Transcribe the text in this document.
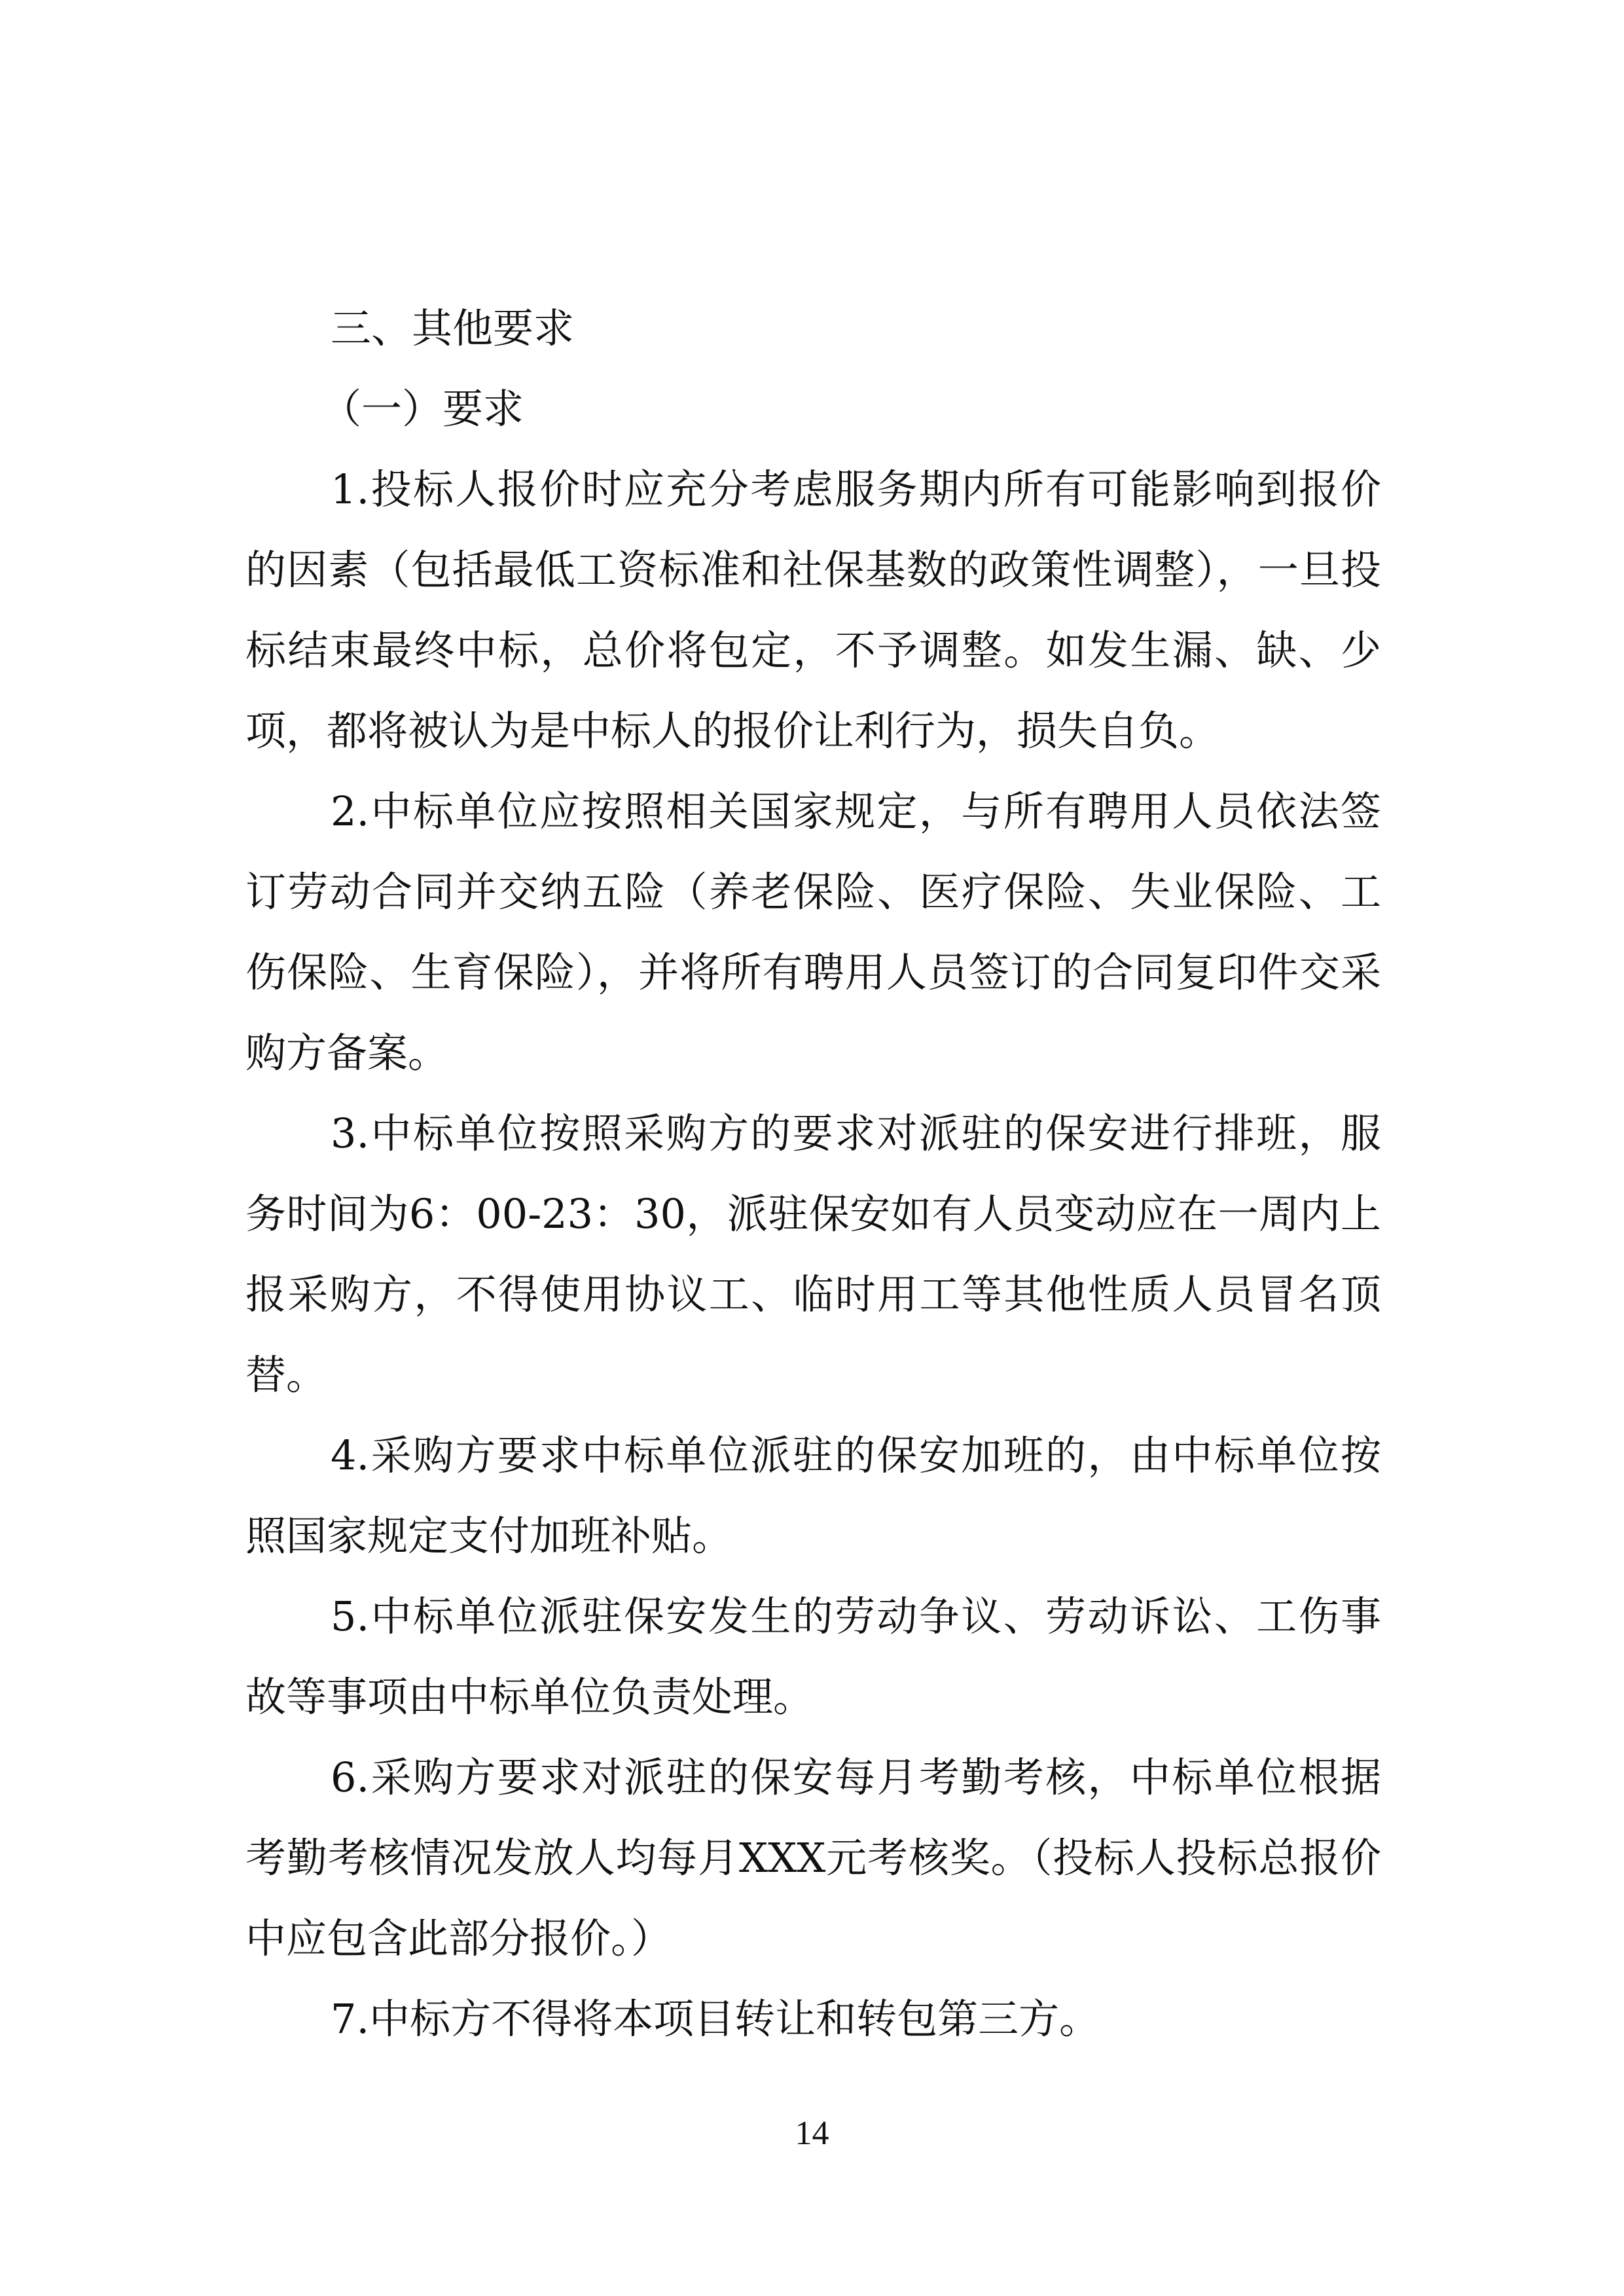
三、其他要求

（一）要求

1.投标人报价时应充分考虑服务期内所有可能影响到报价的因素（包括最低工资标准和社保基数的政策性调整），一旦投标结束最终中标，总价将包定，不予调整。如发生漏、缺、少项，都将被认为是中标人的报价让利行为，损失自负。

2.中标单位应按照相关国家规定，与所有聘用人员依法签订劳动合同并交纳五险（养老保险、医疗保险、失业保险、工伤保险、生育保险），并将所有聘用人员签订的合同复印件交采购方备案。

3.中标单位按照采购方的要求对派驻的保安进行排班，服务时间为6：00-23：30，派驻保安如有人员变动应在一周内上报采购方，不得使用协议工、临时用工等其他性质人员冒名顶替。

4.采购方要求中标单位派驻的保安加班的，由中标单位按照国家规定支付加班补贴。

5.中标单位派驻保安发生的劳动争议、劳动诉讼、工伤事故等事项由中标单位负责处理。

6.采购方要求对派驻的保安每月考勤考核，中标单位根据考勤考核情况发放人均每月XXX元考核奖。（投标人投标总报价中应包含此部分报价。）

7.中标方不得将本项目转让和转包第三方。

14
